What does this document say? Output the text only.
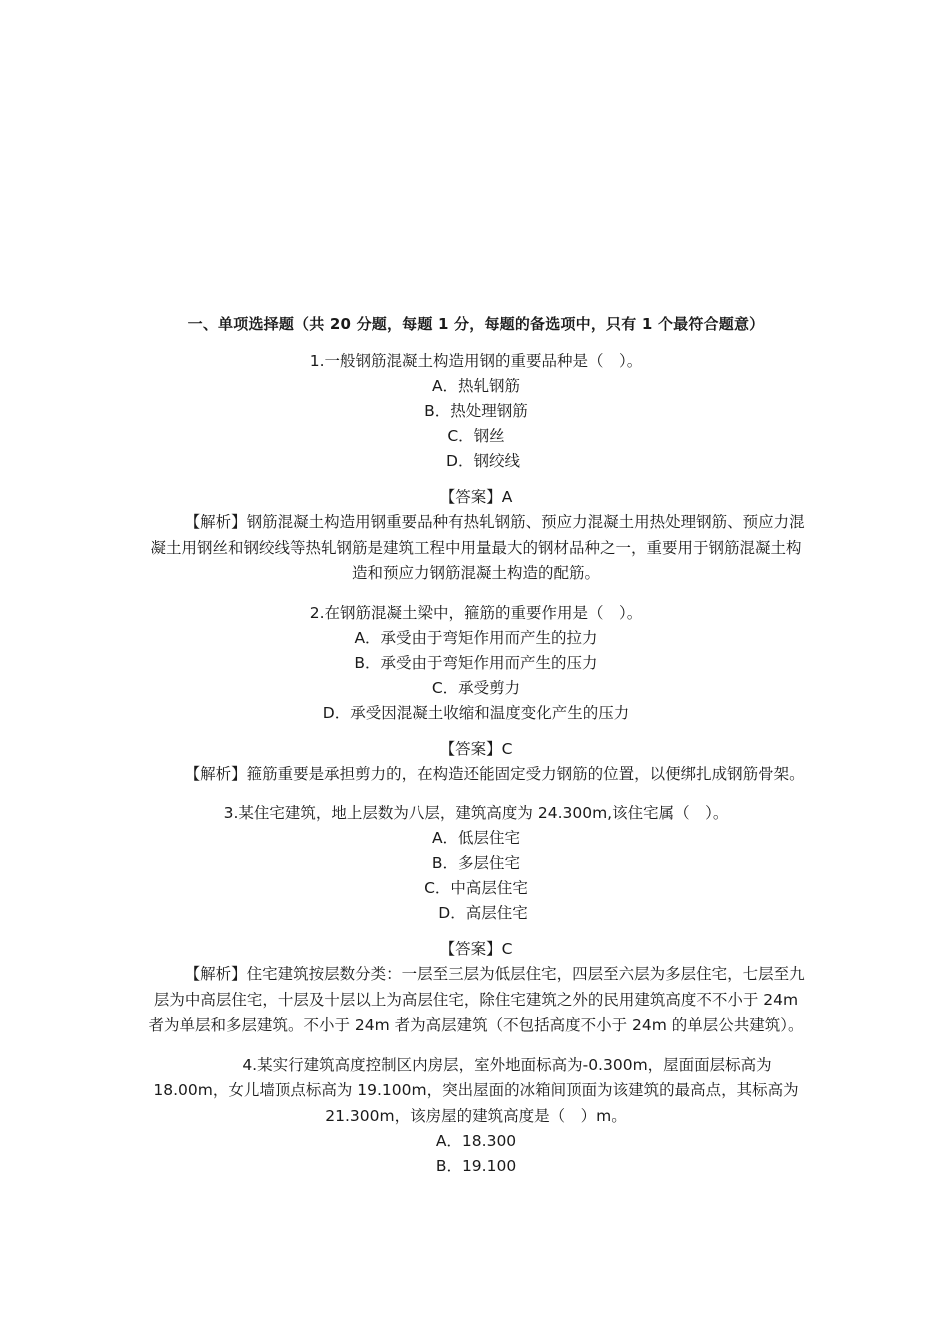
一、单项选择题（共 20 分题，每题 1 分，每题的备选项中，只有 1 个最符合题意）
1.一般钢筋混凝土构造用钢的重要品种是（　）。
A．热轧钢筋
B．热处理钢筋
C．钢丝
D．钢绞线
【答案】A
【解析】钢筋混凝土构造用钢重要品种有热轧钢筋、预应力混凝土用热处理钢筋、预应力混凝土用钢丝和钢绞线等热轧钢筋是建筑工程中用量最大的钢材品种之一，重要用于钢筋混凝土构造和预应力钢筋混凝土构造的配筋。
2.在钢筋混凝土梁中，箍筋的重要作用是（　）。
A．承受由于弯矩作用而产生的拉力
B．承受由于弯矩作用而产生的压力
C．承受剪力
D．承受因混凝土收缩和温度变化产生的压力
【答案】C
【解析】箍筋重要是承担剪力的，在构造还能固定受力钢筋的位置，以便绑扎成钢筋骨架。
3.某住宅建筑，地上层数为八层，建筑高度为 24.300m,该住宅属（　）。
A．低层住宅
B．多层住宅
C．中高层住宅
D．高层住宅
【答案】C
【解析】住宅建筑按层数分类：一层至三层为低层住宅，四层至六层为多层住宅，七层至九层为中高层住宅，十层及十层以上为高层住宅，除住宅建筑之外的民用建筑高度不不小于 24m 者为单层和多层建筑。不小于 24m 者为高层建筑（不包括高度不小于 24m 的单层公共建筑）。
4.某实行建筑高度控制区内房层，室外地面标高为-0.300m，屋面面层标高为 18.00m，女儿墙顶点标高为 19.100m，突出屋面的冰箱间顶面为该建筑的最高点，其标高为 21.300m，该房屋的建筑高度是（　）m。
A．18.300
B．19.100
